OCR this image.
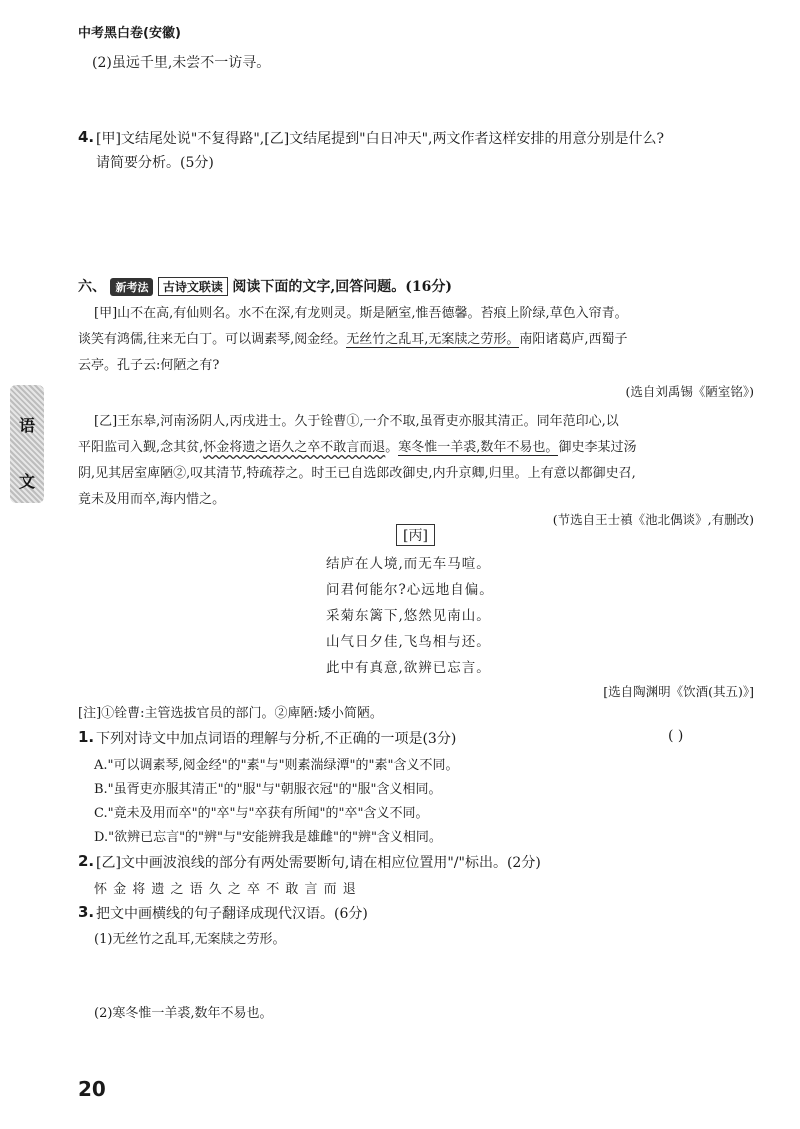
中考黑白卷(安徽)
(2)虽远千里,未尝不一访寻。
4. [甲]文结尾处说"不复得路",[乙]文结尾提到"白日冲天",两文作者这样安排的用意分别是什么?
请简要分析。(5分)
六、 新考法 古诗文联读 阅读下面的文字,回答问题。(16分)
[甲]山不在高,有仙则名。水不在深,有龙则灵。斯是陋室,惟吾德馨。苔痕上阶绿,草色入帘青。
谈笑有鸿儒,往来无白丁。可以调素琴,阅金经。无丝竹之乱耳,无案牍之劳形。南阳诸葛庐,西蜀子
云亭。孔子云:何陋之有?
(选自刘禹锡《陋室铭》)
语
文
[乙]王东皋,河南汤阴人,丙戌进士。久于铨曹①,一介不取,虽胥吏亦服其清正。同年范印心,以
平阳监司入觐,念其贫,怀金将遗之语久之卒不敢言而退。寒冬惟一羊裘,数年不易也。御史李某过汤
阴,见其居室庳陋②,叹其清节,特疏荐之。时王已自选郎改御史,内升京卿,归里。上有意以都御史召,
竟未及用而卒,海内惜之。
(节选自王士禛《池北偶谈》,有删改)
[丙]
结庐在人境,而无车马喧。
问君何能尔?心远地自偏。
采菊东篱下,悠然见南山。
山气日夕佳,飞鸟相与还。
此中有真意,欲辨已忘言。
[选自陶渊明《饮酒(其五)》]
[注]①铨曹:主管选拔官员的部门。②庳陋:矮小简陋。
1. 下列对诗文中加点词语的理解与分析,不正确的一项是(3分)	( )
A."可以调素琴,阅金经"的"素"与"则素湍绿潭"的"素"含义不同。
B."虽胥吏亦服其清正"的"服"与"朝服衣冠"的"服"含义相同。
C."竟未及用而卒"的"卒"与"卒获有所闻"的"卒"含义不同。
D."欲辨已忘言"的"辨"与"安能辨我是雄雌"的"辨"含义相同。
2. [乙]文中画波浪线的部分有两处需要断句,请在相应位置用"/"标出。(2分)
怀 金 将 遗 之 语 久 之 卒 不 敢 言 而 退
3. 把文中画横线的句子翻译成现代汉语。(6分)
(1)无丝竹之乱耳,无案牍之劳形。
(2)寒冬惟一羊裘,数年不易也。
20
